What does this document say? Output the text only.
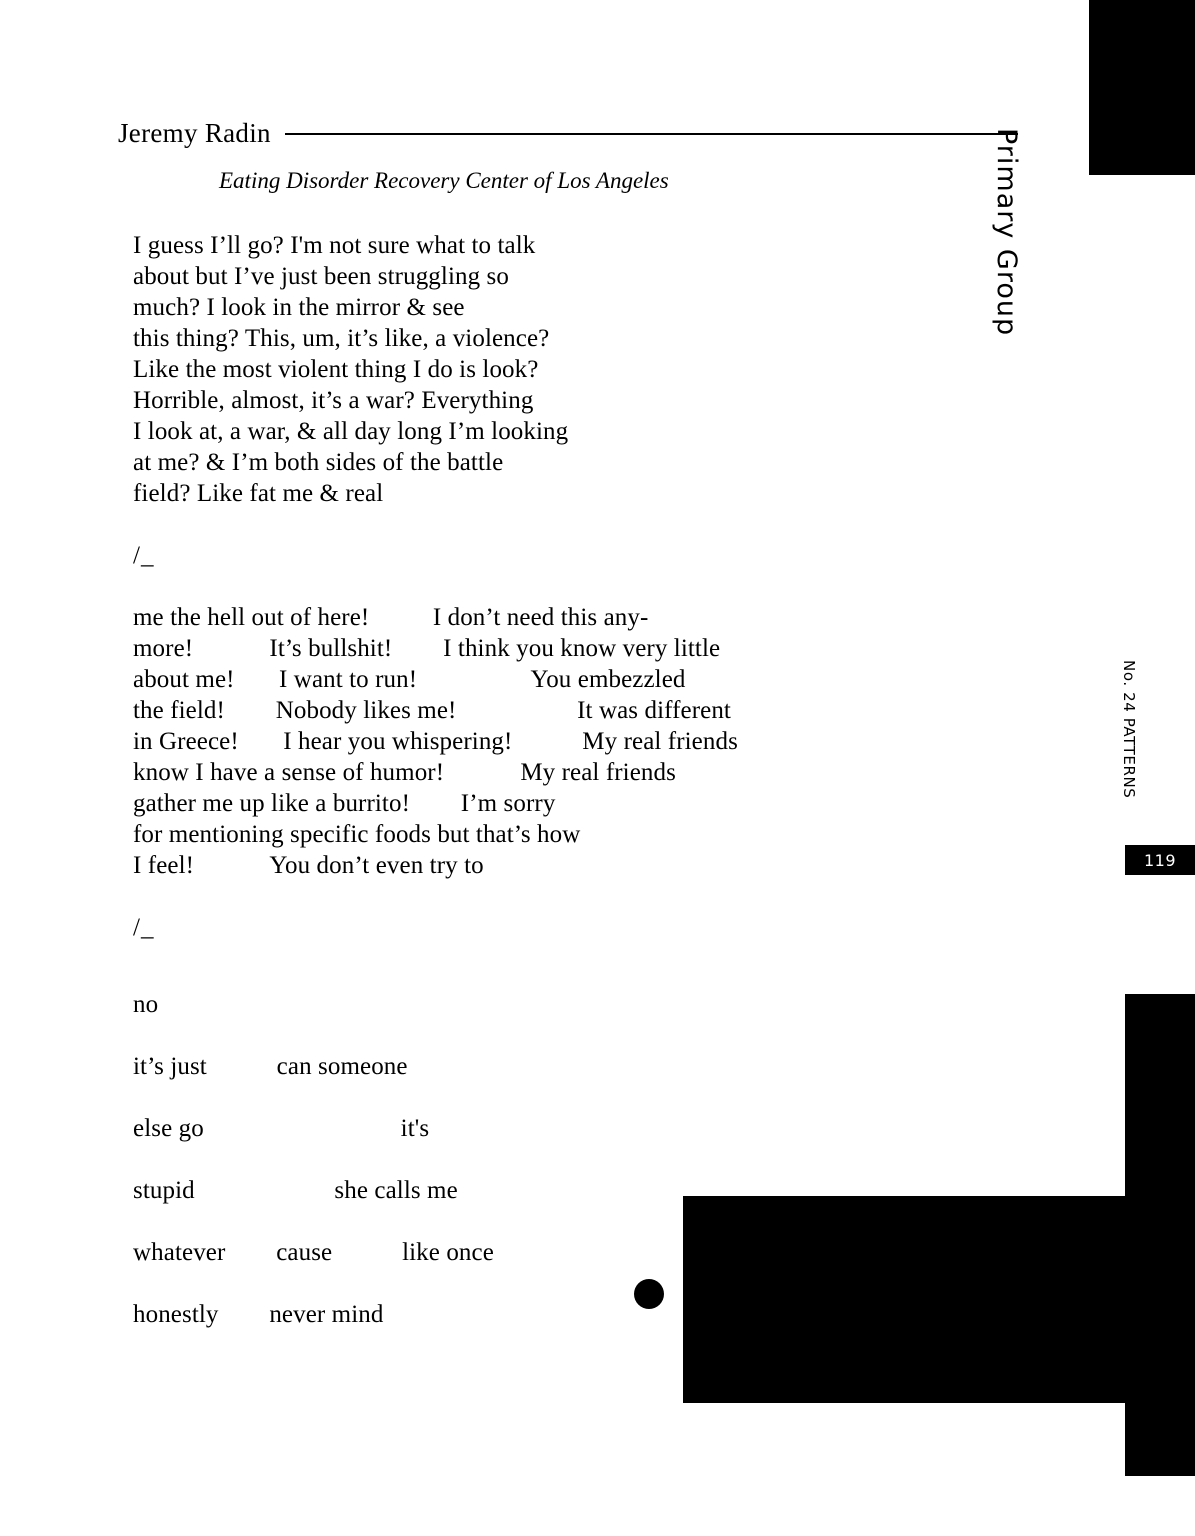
Jeremy Radin
Eating Disorder Recovery Center of Los Angeles	Primary Group
No. 24 PATTERNS
119
I guess I’ll go? I'm not sure what to talk
about but I’ve just been struggling so
much? I look in the mirror & see
this thing? This, um, it’s like, a violence?
Like the most violent thing I do is look?
Horrible, almost, it’s a war? Everything
I look at, a war, & all day long I’m looking
at me? & I’m both sides of the battle
field? Like fat me & real
/_
me the hell out of here!          I don’t need this any-
more!            It’s bullshit!        I think you know very little
about me!       I want to run!                  You embezzled
the field!        Nobody likes me!                   It was different
in Greece!       I hear you whispering!           My real friends
know I have a sense of humor!            My real friends
gather me up like a burrito!        I’m sorry
for mentioning specific foods but that’s how
I feel!            You don’t even try to
/_
no
it’s just           can someone
else go                               it's
stupid                      she calls me
whatever        cause           like once
honestly        never mind
